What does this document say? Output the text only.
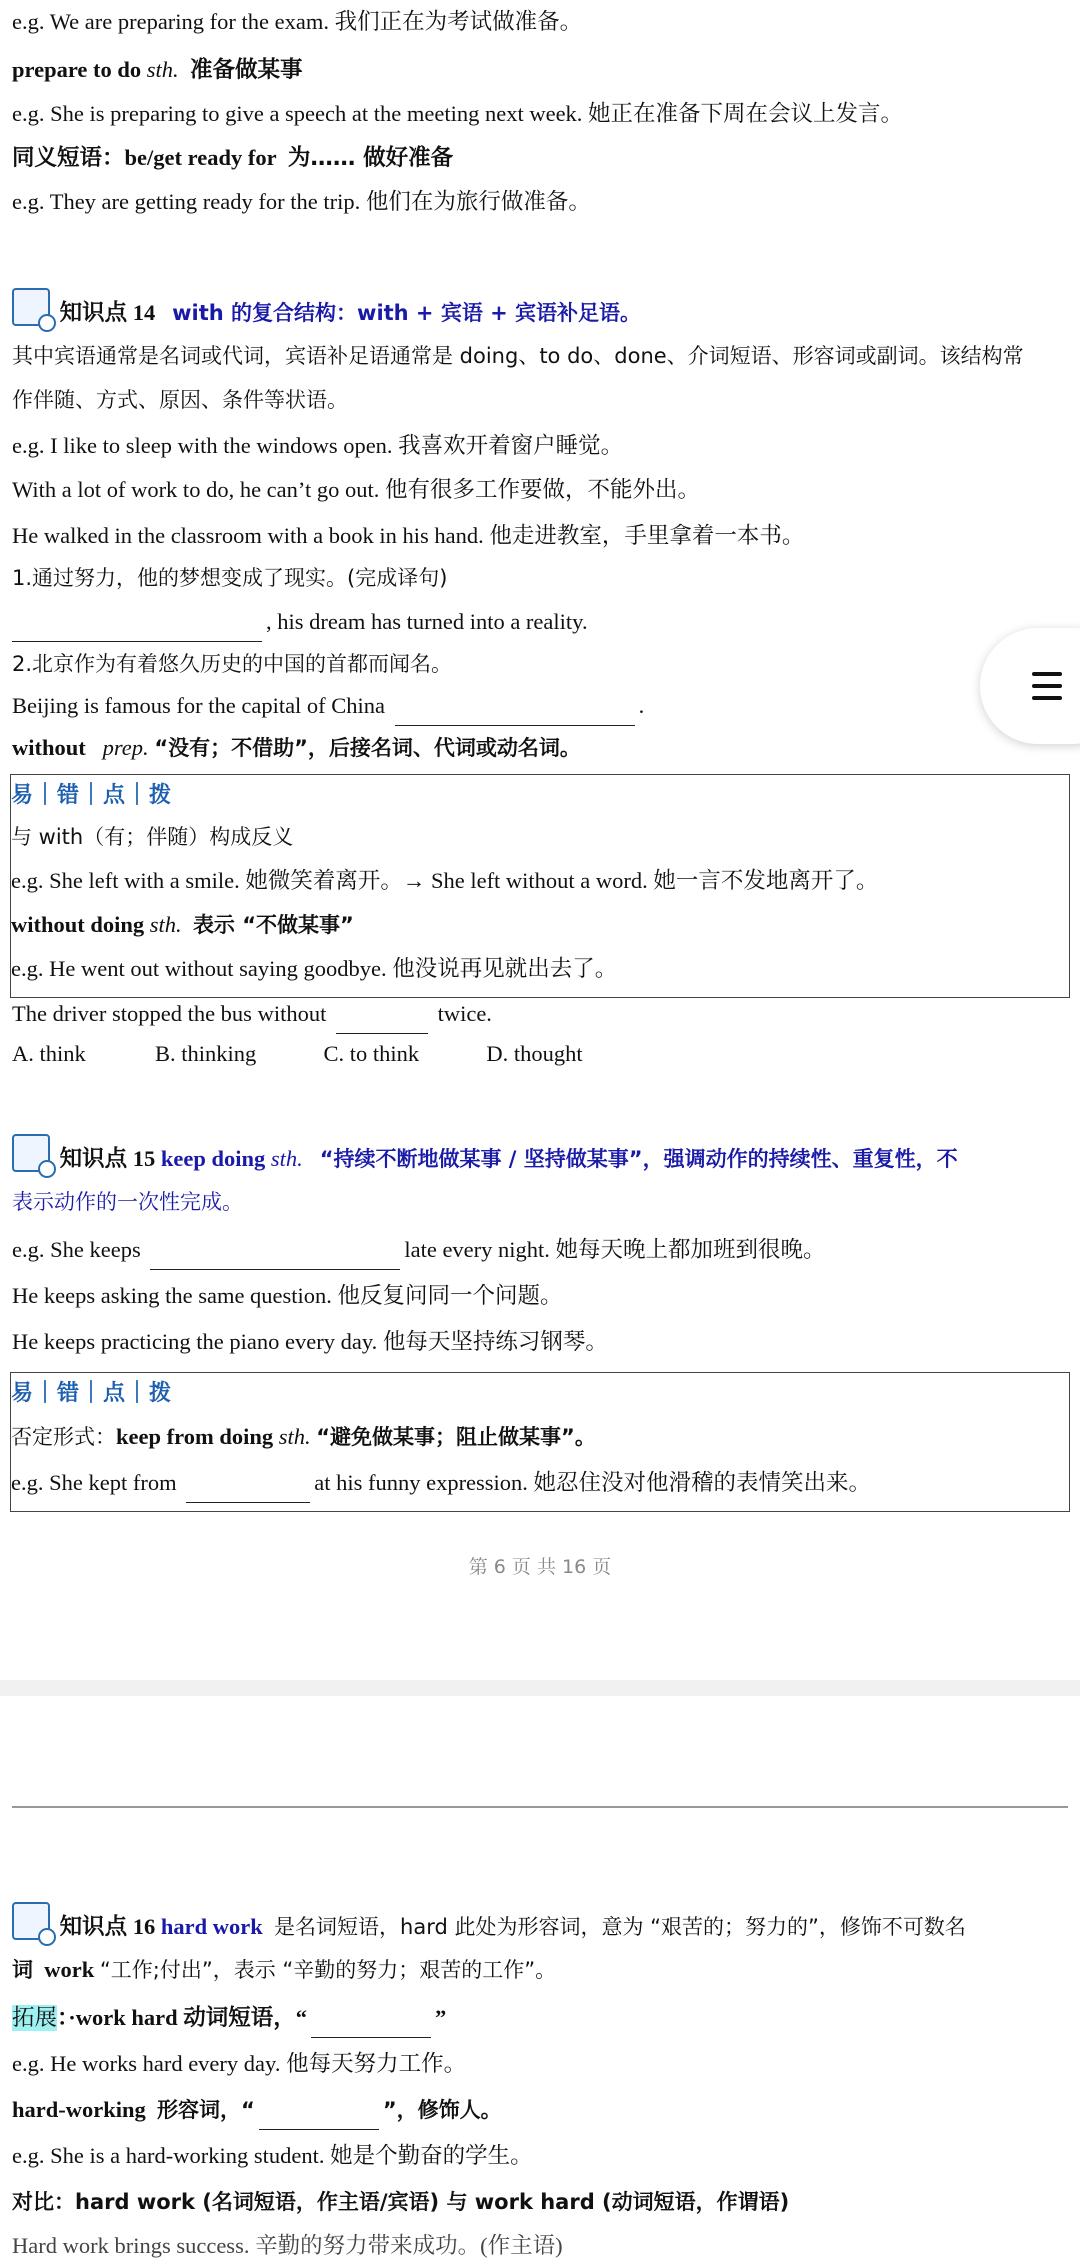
e.g. We are preparing for the exam. 我们正在为考试做准备。
prepare to do sth. 准备做某事
e.g. She is preparing to give a speech at the meeting next week. 她正在准备下周在会议上发言。
同义短语：be/get ready for 为…… 做好准备
e.g. They are getting ready for the trip. 他们在为旅行做准备。
知识点 14 with 的复合结构：with + 宾语 + 宾语补足语。
其中宾语通常是名词或代词，宾语补足语通常是 doing、to do、done、介词短语、形容词或副词。该结构常
作伴随、方式、原因、条件等状语。
e.g. I like to sleep with the windows open. 我喜欢开着窗户睡觉。
With a lot of work to do, he can’t go out. 他有很多工作要做，不能外出。
He walked in the classroom with a book in his hand. 他走进教室，手里拿着一本书。
1.通过努力，他的梦想变成了现实。(完成译句)
, his dream has turned into a reality.
2.北京作为有着悠久历史的中国的首都而闻名。
Beijing is famous for the capital of China	.
without prep. “没有；不借助”，后接名词、代词或动名词。
易｜错｜点｜拨
与 with（有；伴随）构成反义
e.g. She left with a smile. 她微笑着离开。→ She left without a word. 她一言不发地离开了。
without doing sth. 表示 “不做某事”
e.g. He went out without saying goodbye. 他没说再见就出去了。
The driver stopped the bus without	twice.
A. think	B. thinking	C. to think	D. thought
知识点 15 keep doing sth. “持续不断地做某事 / 坚持做某事”，强调动作的持续性、重复性，不
表示动作的一次性完成。
e.g. She keeps	late every night. 她每天晚上都加班到很晚。
He keeps asking the same question. 他反复问同一个问题。
He keeps practicing the piano every day. 他每天坚持练习钢琴。
易｜错｜点｜拨
否定形式：keep from doing sth. “避免做某事；阻止做某事”。
e.g. She kept from	at his funny expression. 她忍住没对他滑稽的表情笑出来。
第 6 页 共 16 页
知识点 16 hard work 是名词短语，hard 此处为形容词，意为 “艰苦的；努力的”，修饰不可数名
词 work “工作;付出”，表示 “辛勤的努力；艰苦的工作”。
拓展：·work hard 动词短语，“	”
e.g. He works hard every day. 他每天努力工作。
hard-working 形容词，“	”，修饰人。
e.g. She is a hard-working student. 她是个勤奋的学生。
对比：hard work (名词短语，作主语/宾语) 与 work hard (动词短语，作谓语)
Hard work brings success. 辛勤的努力带来成功。(作主语)
